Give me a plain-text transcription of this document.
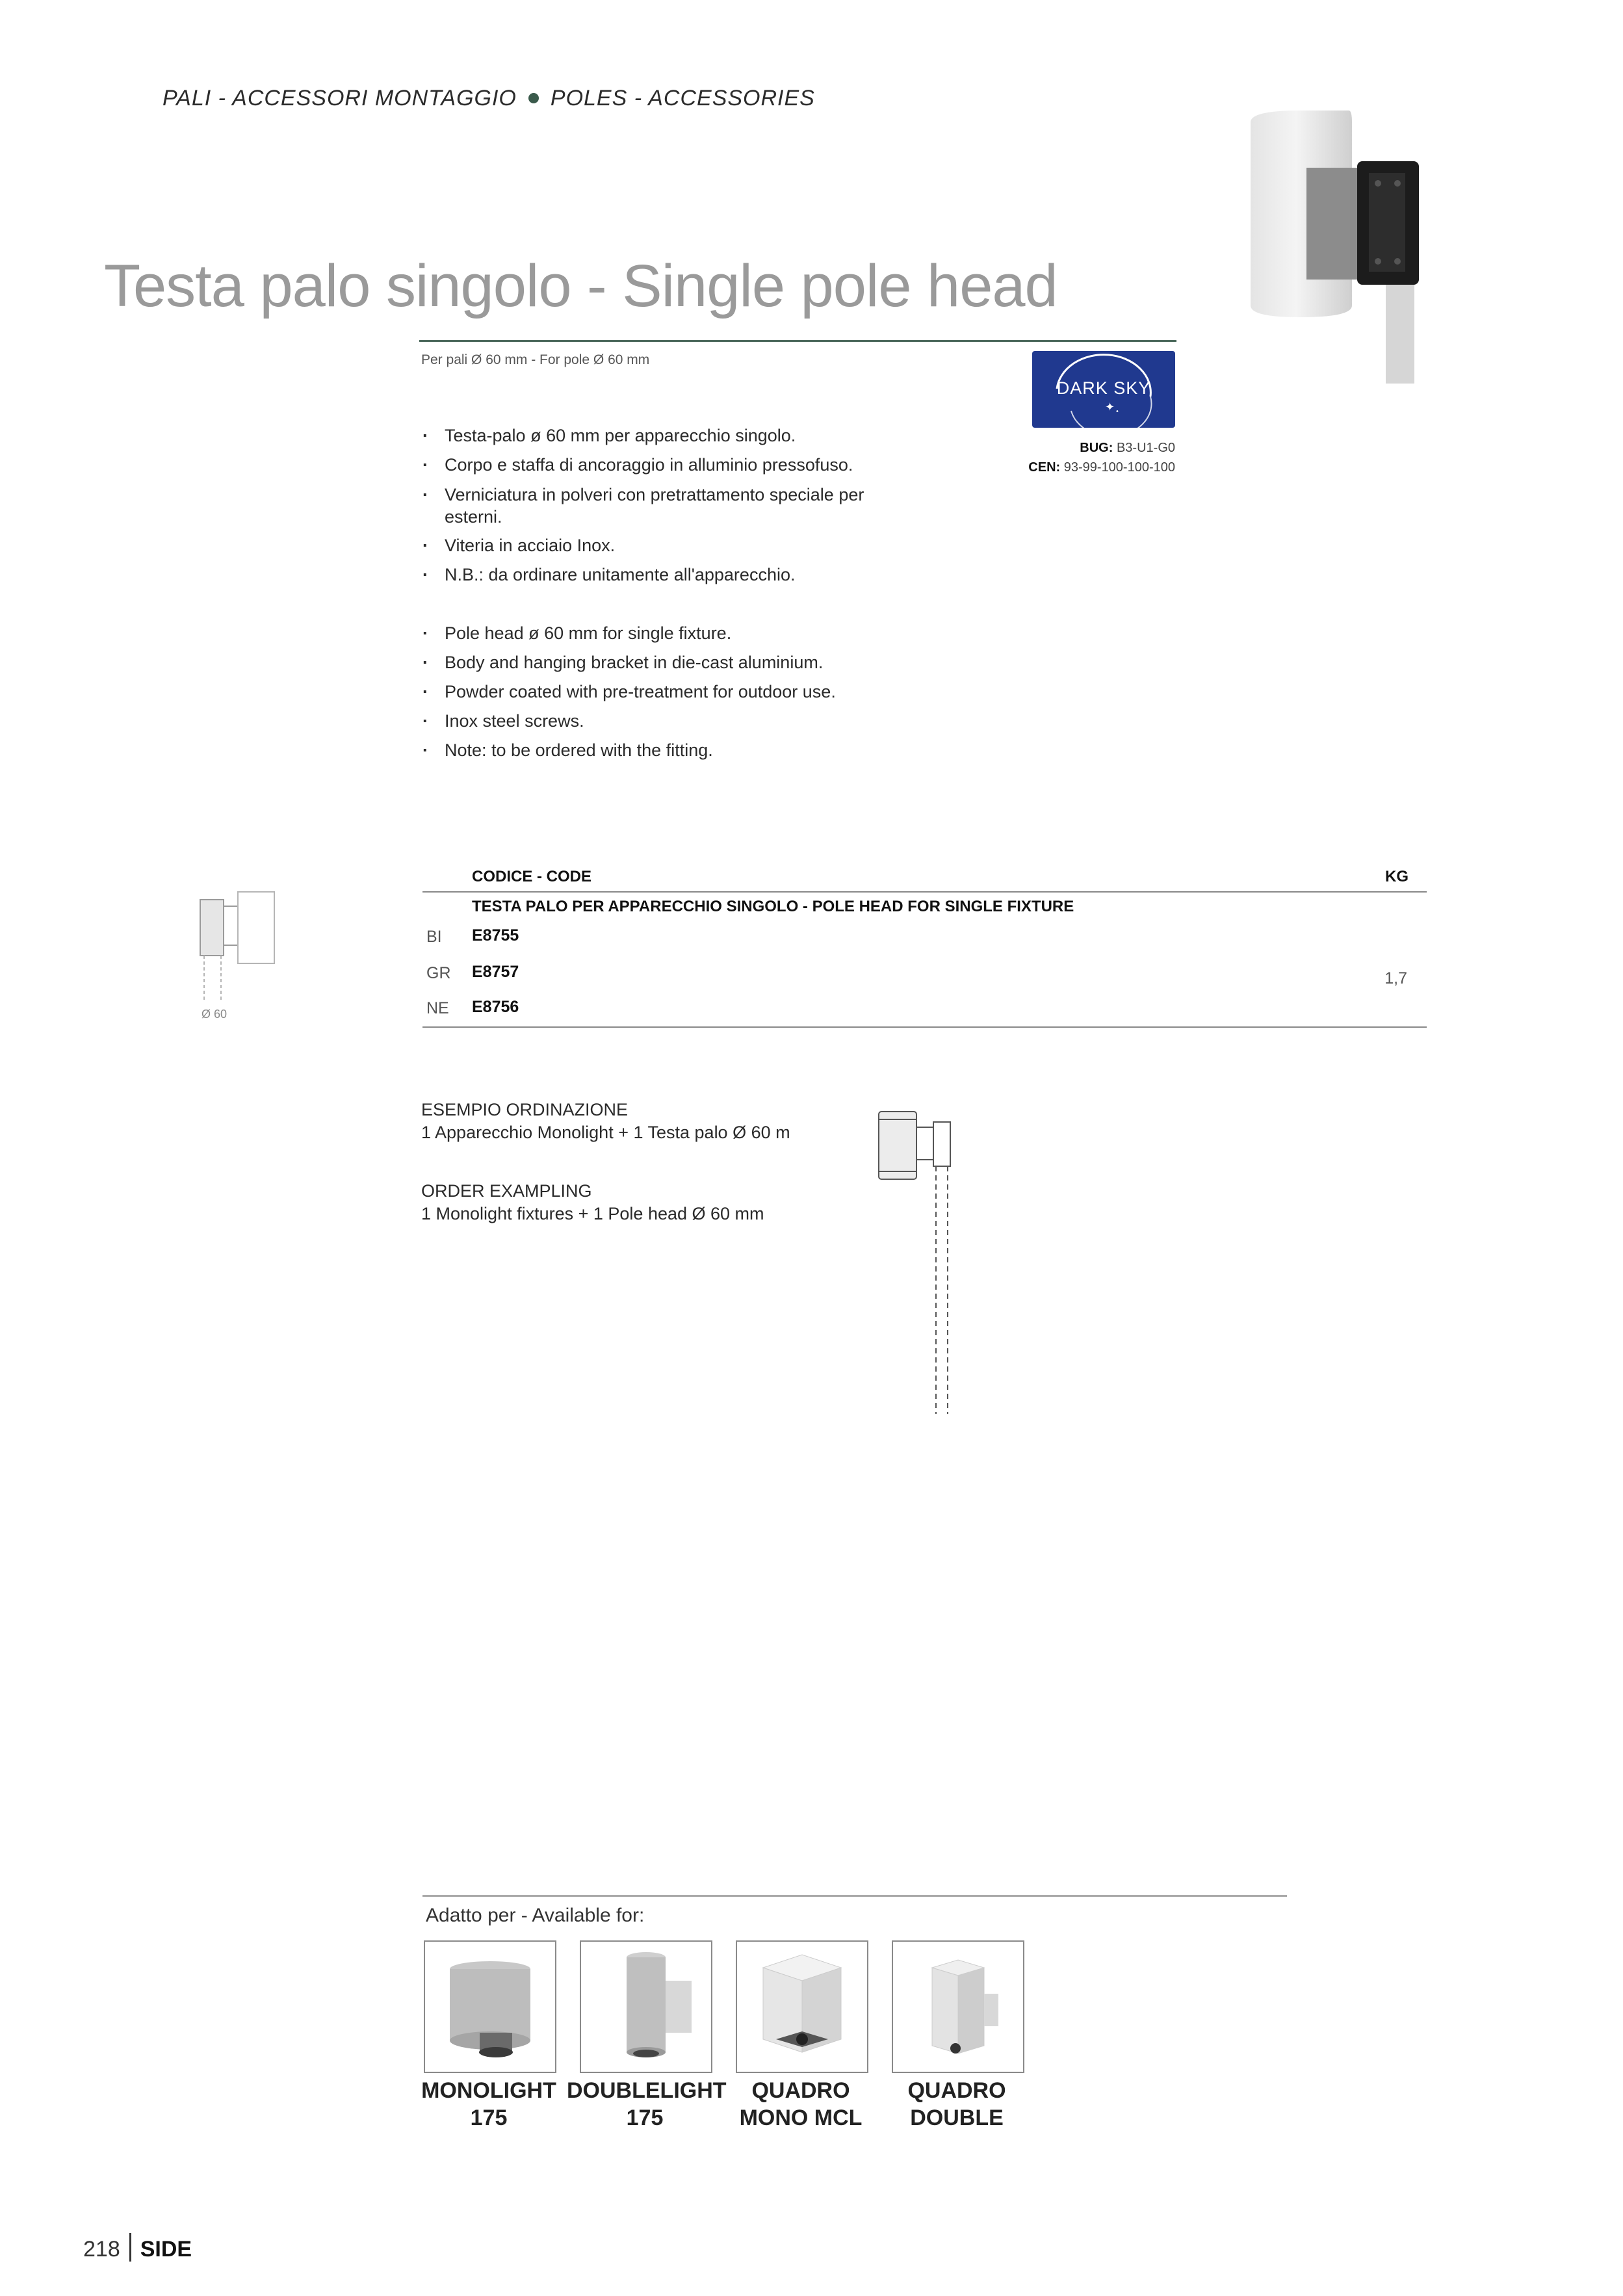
PALI - ACCESSORI MONTAGGIO POLES - ACCESSORIES
Testa palo singolo - Single pole head
Per pali Ø 60 mm - For pole Ø 60 mm
✦ •
DARK SKY
BUG: B3-U1-G0
CEN: 93-99-100-100-100
· Testa-palo ø 60 mm per apparecchio singolo.
· Corpo e staffa di ancoraggio in alluminio pressofuso.
· Verniciatura in polveri con pretrattamento speciale per esterni.
· Viteria in acciaio Inox.
· N.B.: da ordinare unitamente all'apparecchio.
· Pole head ø 60 mm for single fixture.
· Body and hanging bracket in die-cast aluminium.
· Powder coated with pre-treatment for outdoor use.
· Inox steel screws.
· Note: to be ordered with the fitting.
Ø 60
CODICE - CODE	KG
TESTA PALO PER APPARECCHIO SINGOLO - POLE HEAD FOR SINGLE FIXTURE
BI E8755
GR E8757	1,7
NE E8756

ESEMPIO ORDINAZIONE
1 Apparecchio Monolight + 1 Testa palo Ø 60 m

ORDER EXAMPLING
1 Monolight fixtures + 1 Pole head Ø 60 mm

Adatto per - Available for:
MONOLIGHT
175
DOUBLELIGHT
175
QUADRO
MONO MCL
QUADRO
DOUBLE
218 SIDE
